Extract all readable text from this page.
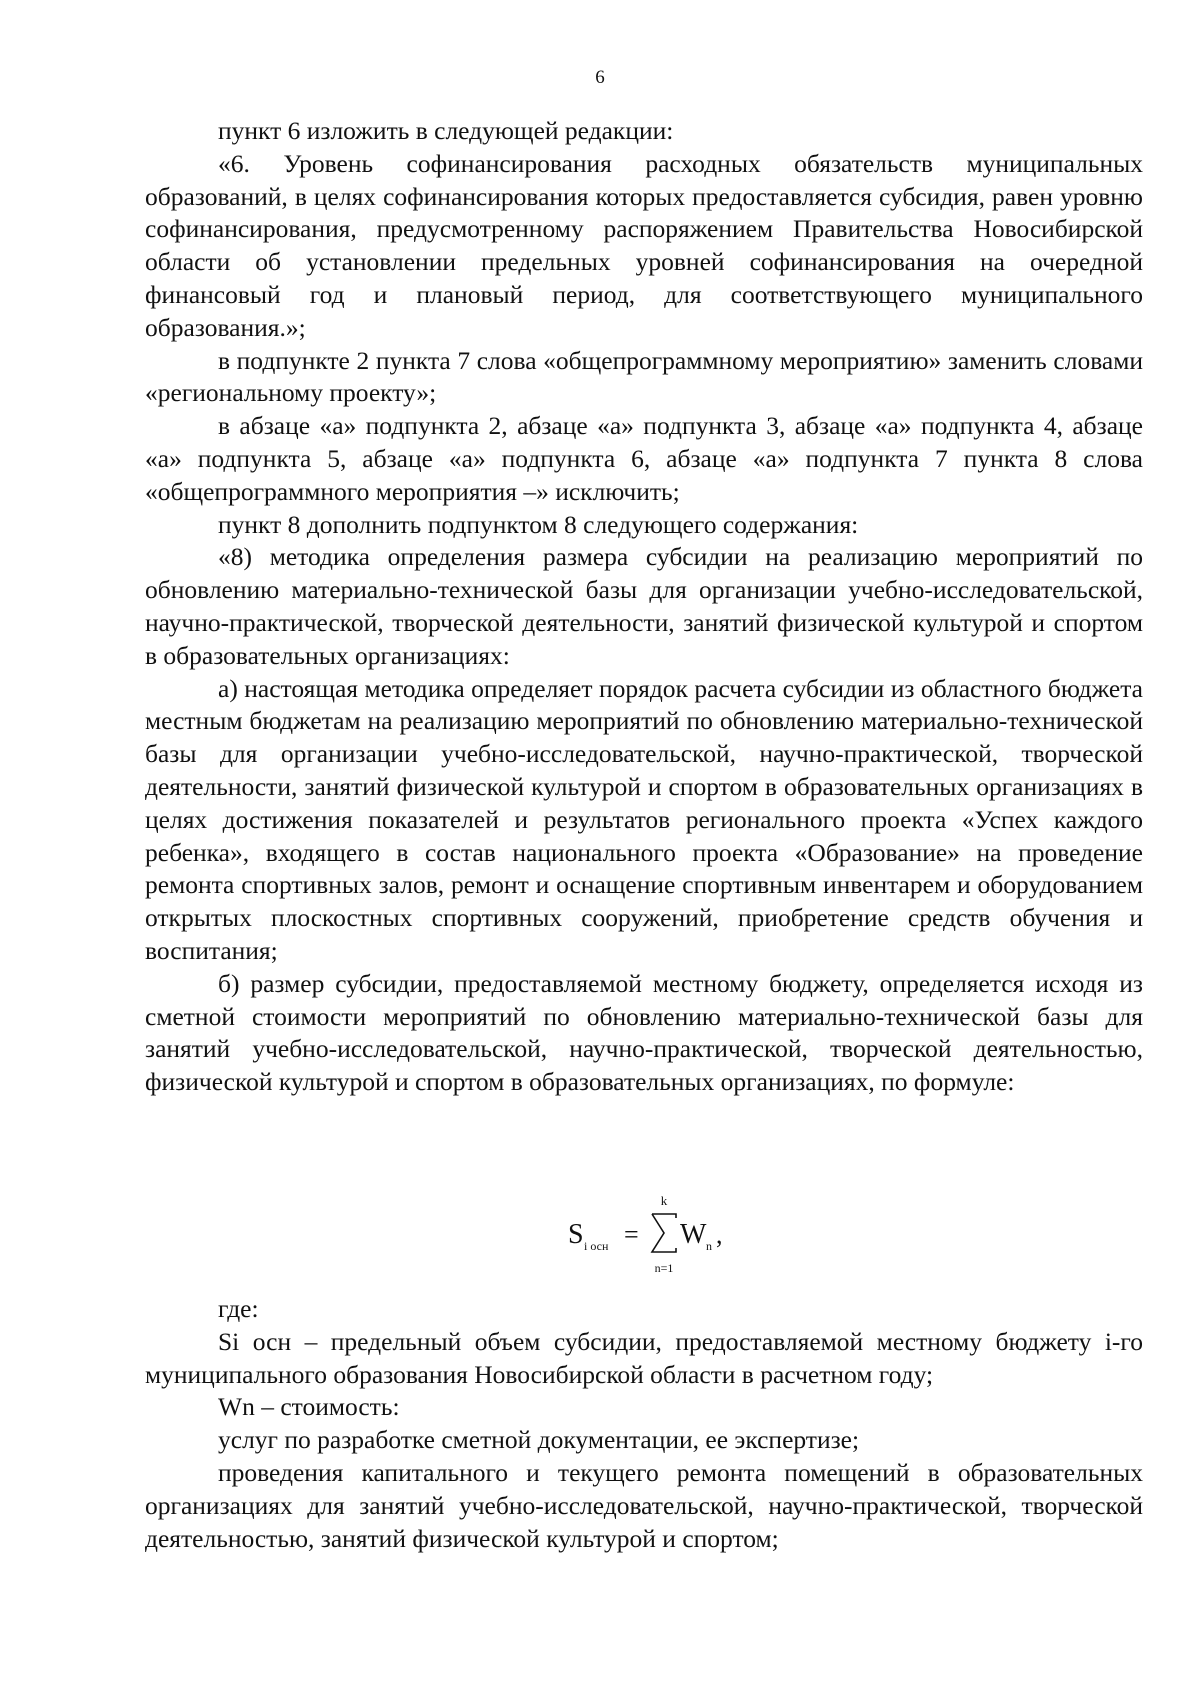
6

пункт 6 изложить в следующей редакции:

«6. Уровень софинансирования расходных обязательств муниципальных образований, в целях софинансирования которых предоставляется субсидия, равен уровню софинансирования, предусмотренному распоряжением Правительства Новосибирской области об установлении предельных уровней софинансирования на очередной финансовый год и плановый период, для соответствующего муниципального образования.»;

в подпункте 2 пункта 7 слова «общепрограммному мероприятию» заменить словами «региональному проекту»;

в абзаце «а» подпункта 2, абзаце «а» подпункта 3, абзаце «а» подпункта 4, абзаце «а» подпункта 5, абзаце «а» подпункта 6, абзаце «а» подпункта 7 пункта 8 слова «общепрограммного мероприятия –» исключить;

пункт 8 дополнить подпунктом 8 следующего содержания:

«8) методика определения размера субсидии на реализацию мероприятий по обновлению материально-технической базы для организации учебно-исследовательской, научно-практической, творческой деятельности, занятий физической культурой и спортом в образовательных организациях:

а) настоящая методика определяет порядок расчета субсидии из областного бюджета местным бюджетам на реализацию мероприятий по обновлению материально-технической базы для организации учебно-исследовательской, научно-практической, творческой деятельности, занятий физической культурой и спортом в образовательных организациях в целях достижения показателей и результатов регионального проекта «Успех каждого ребенка», входящего в состав национального проекта «Образование» на проведение ремонта спортивных залов, ремонт и оснащение спортивным инвентарем и оборудованием открытых плоскостных спортивных сооружений, приобретение средств обучения и воспитания;

б) размер субсидии, предоставляемой местному бюджету, определяется исходя из сметной стоимости мероприятий по обновлению материально-технической базы для занятий учебно-исследовательской, научно-практической, творческой деятельностью, физической культурой и спортом в образовательных организациях, по формуле:

S i осн =
k
n=1
W n ,

где:

Si осн – предельный объем субсидии, предоставляемой местному бюджету i-го муниципального образования Новосибирской области в расчетном году;

Wn – стоимость:

услуг по разработке сметной документации, ее экспертизе;

проведения капитального и текущего ремонта помещений в образовательных организациях для занятий учебно-исследовательской, научно-практической, творческой деятельностью, занятий физической культурой и спортом;
